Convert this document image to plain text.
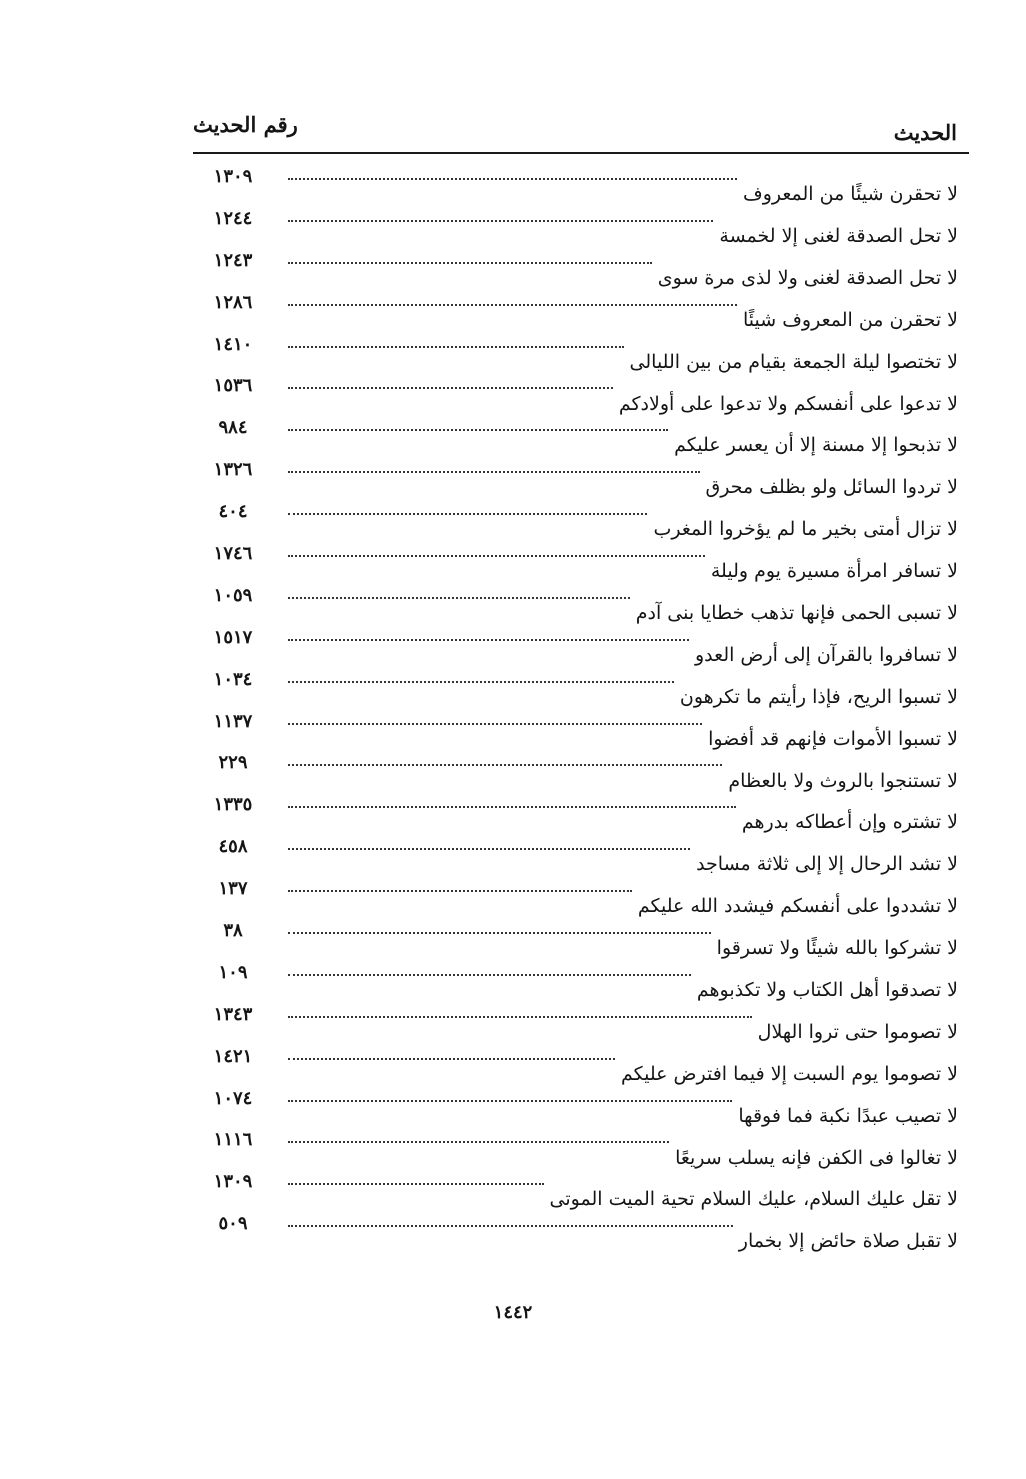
الحديث
رقم الحديث
لا تحقرن شيئًا من المعروف
١٣٠٩
لا تحل الصدقة لغنى إلا لخمسة
١٢٤٤
لا تحل الصدقة لغنى ولا لذى مرة سوى
١٢٤٣
لا تحقرن من المعروف شيئًا
١٢٨٦
لا تختصوا ليلة الجمعة بقيام من بين الليالى
١٤١٠
لا تدعوا على أنفسكم ولا تدعوا على أولادكم
١٥٣٦
لا تذبحوا إلا مسنة إلا أن يعسر عليكم
٩٨٤
لا تردوا السائل ولو بظلف محرق
١٣٢٦
لا تزال أمتى بخير ما لم يؤخروا المغرب
٤٠٤
لا تسافر امرأة مسيرة يوم وليلة
١٧٤٦
لا تسبى الحمى فإنها تذهب خطايا بنى آدم
١٠٥٩
لا تسافروا بالقرآن إلى أرض العدو
١٥١٧
لا تسبوا الريح، فإذا رأيتم ما تكرهون
١٠٣٤
لا تسبوا الأموات فإنهم قد أفضوا
١١٣٧
لا تستنجوا بالروث ولا بالعظام
٢٢٩
لا تشتره وإن أعطاكه بدرهم
١٣٣٥
لا تشد الرحال إلا إلى ثلاثة مساجد
٤٥٨
لا تشددوا على أنفسكم فيشدد الله عليكم
١٣٧
لا تشركوا بالله شيئًا ولا تسرقوا
٣٨
لا تصدقوا أهل الكتاب ولا تكذبوهم
١٠٩
لا تصوموا حتى تروا الهلال
١٣٤٣
لا تصوموا يوم السبت إلا فيما افترض عليكم
١٤٢١
لا تصيب عبدًا نكبة فما فوقها
١٠٧٤
لا تغالوا فى الكفن فإنه يسلب سريعًا
١١١٦
لا تقل عليك السلام، عليك السلام تحية الميت الموتى
١٣٠٩
لا تقبل صلاة حائض إلا بخمار
٥٠٩
١٤٤٢
